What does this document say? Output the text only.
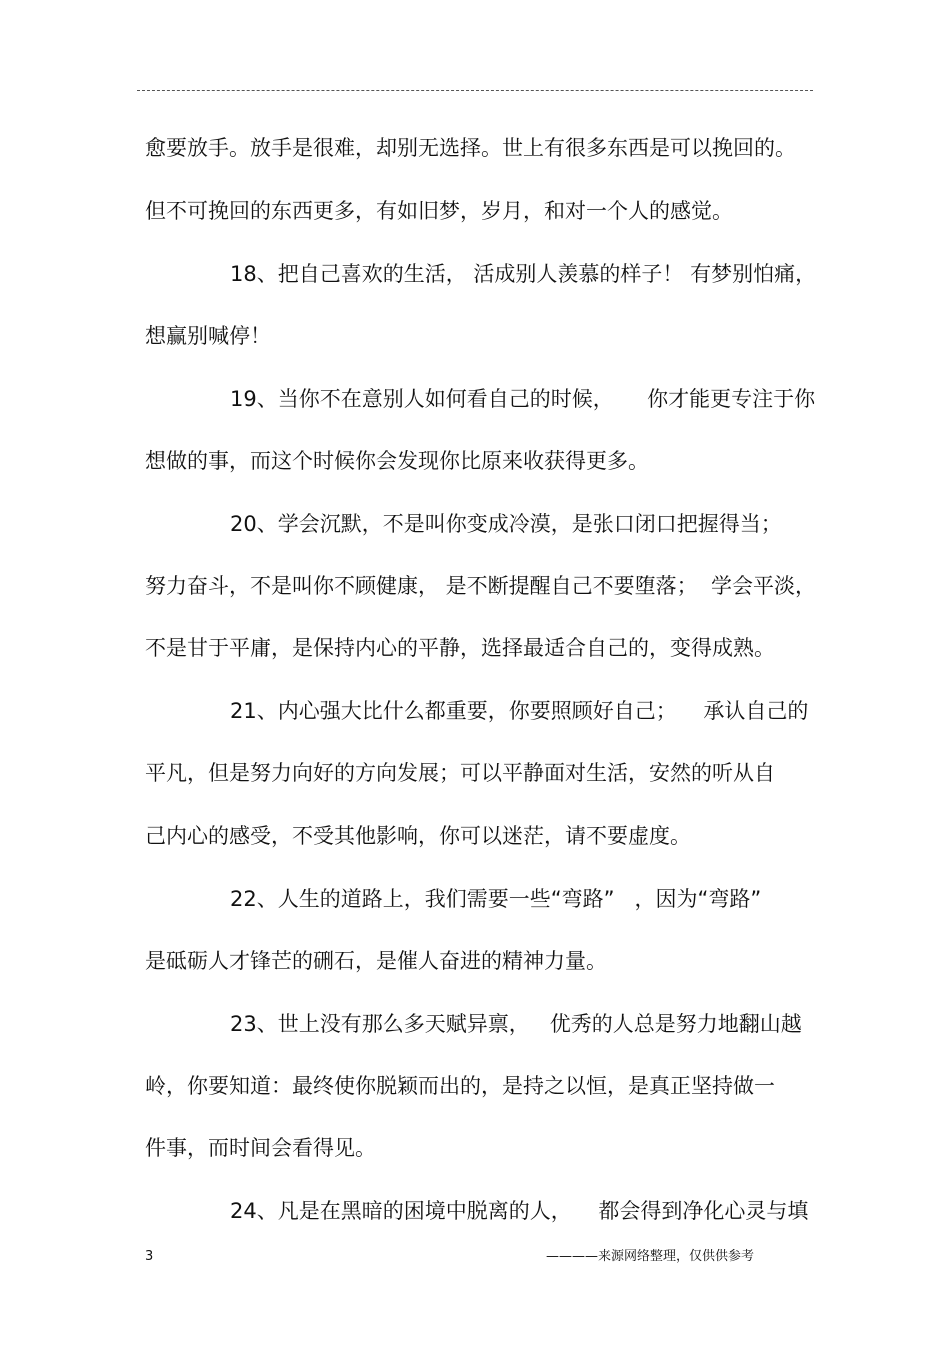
愈要放手。放手是很难，却别无选择。世上有很多东西是可以挽回的。
但不可挽回的东西更多，有如旧梦，岁月，和对一个人的感觉。
18、把自己喜欢的生活， 活成别人羡慕的样子！ 有梦别怕痛，
想赢别喊停！
19、当你不在意别人如何看自己的时候，     你才能更专注于你
想做的事，而这个时候你会发现你比原来收获得更多。
20、学会沉默，不是叫你变成冷漠，是张口闭口把握得当；
努力奋斗，不是叫你不顾健康， 是不断提醒自己不要堕落；  学会平淡，
不是甘于平庸，是保持内心的平静，选择最适合自己的，变得成熟。
21、内心强大比什么都重要，你要照顾好自己；    承认自己的
平凡，但是努力向好的方向发展；可以平静面对生活，安然的听从自
己内心的感受，不受其他影响，你可以迷茫，请不要虚度。
22、人生的道路上，我们需要一些“弯路”   ，因为“弯路”
是砥砺人才锋芒的硎石，是催人奋进的精神力量。
23、世上没有那么多天赋异禀，   优秀的人总是努力地翻山越
岭，你要知道：最终使你脱颖而出的，是持之以恒，是真正坚持做一
件事，而时间会看得见。
24、凡是在黑暗的困境中脱离的人，    都会得到净化心灵与填
3	————来源网络整理，仅供供参考
